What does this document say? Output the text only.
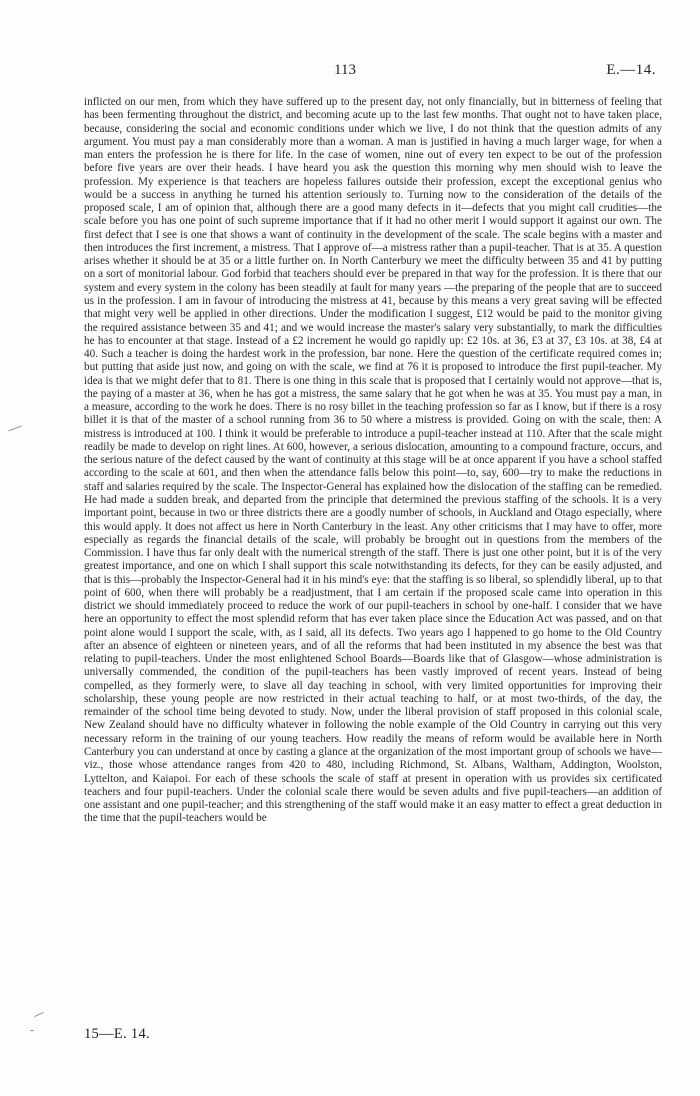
113	E.—14.

inflicted on our men, from which they have suffered up to the present day, not only financially, but in bitterness of feeling that has been fermenting throughout the district, and becoming acute up to the last few months. That ought not to have taken place, because, considering the social and economic conditions under which we live, I do not think that the question admits of any argument. You must pay a man considerably more than a woman. A man is justified in having a much larger wage, for when a man enters the profession he is there for life. In the case of women, nine out of every ten expect to be out of the profession before five years are over their heads. I have heard you ask the question this morning why men should wish to leave the profession. My experience is that teachers are hopeless failures outside their profession, except the exceptional genius who would be a success in anything he turned his attention seriously to. Turning now to the consideration of the details of the proposed scale, I am of opinion that, although there are a good many defects in it—defects that you might call crudities—the scale before you has one point of such supreme importance that if it had no other merit I would support it against our own. The first defect that I see is one that shows a want of continuity in the development of the scale. The scale begins with a master and then introduces the first increment, a mistress. That I approve of—a mistress rather than a pupil-teacher. That is at 35. A question arises whether it should be at 35 or a little further on. In North Canterbury we meet the difficulty between 35 and 41 by putting on a sort of monitorial labour. God forbid that teachers should ever be prepared in that way for the profession. It is there that our system and every system in the colony has been steadily at fault for many years —the preparing of the people that are to succeed us in the profession. I am in favour of introducing the mistress at 41, because by this means a very great saving will be effected that might very well be applied in other directions. Under the modification I suggest, £12 would be paid to the monitor giving the required assistance between 35 and 41; and we would increase the master's salary very substantially, to mark the difficulties he has to encounter at that stage. Instead of a £2 increment he would go rapidly up: £2 10s. at 36, £3 at 37, £3 10s. at 38, £4 at 40. Such a teacher is doing the hardest work in the profession, bar none. Here the question of the certificate required comes in; but putting that aside just now, and going on with the scale, we find at 76 it is proposed to introduce the first pupil-teacher. My idea is that we might defer that to 81. There is one thing in this scale that is proposed that I certainly would not approve—that is, the paying of a master at 36, when he has got a mistress, the same salary that he got when he was at 35. You must pay a man, in a measure, according to the work he does. There is no rosy billet in the teaching profession so far as I know, but if there is a rosy billet it is that of the master of a school running from 36 to 50 where a mistress is provided. Going on with the scale, then: A mistress is introduced at 100. I think it would be preferable to introduce a pupil-teacher instead at 110. After that the scale might readily be made to develop on right lines. At 600, however, a serious dislocation, amounting to a compound fracture, occurs, and the serious nature of the defect caused by the want of continuity at this stage will be at once apparent if you have a school staffed according to the scale at 601, and then when the attendance falls below this point—to, say, 600—try to make the reductions in staff and salaries required by the scale. The Inspector-General has explained how the dislocation of the staffing can be remedied. He had made a sudden break, and departed from the principle that determined the previous staffing of the schools. It is a very important point, because in two or three districts there are a goodly number of schools, in Auckland and Otago especially, where this would apply. It does not affect us here in North Canterbury in the least. Any other criticisms that I may have to offer, more especially as regards the financial details of the scale, will probably be brought out in questions from the members of the Commission. I have thus far only dealt with the numerical strength of the staff. There is just one other point, but it is of the very greatest importance, and one on which I shall support this scale notwithstanding its defects, for they can be easily adjusted, and that is this—probably the Inspector-General had it in his mind's eye: that the staffing is so liberal, so splendidly liberal, up to that point of 600, when there will probably be a readjustment, that I am certain if the proposed scale came into operation in this district we should immediately proceed to reduce the work of our pupil-teachers in school by one-half. I consider that we have here an opportunity to effect the most splendid reform that has ever taken place since the Education Act was passed, and on that point alone would I support the scale, with, as I said, all its defects. Two years ago I happened to go home to the Old Country after an absence of eighteen or nineteen years, and of all the reforms that had been instituted in my absence the best was that relating to pupil-teachers. Under the most enlightened School Boards—Boards like that of Glasgow—whose administration is universally commended, the condition of the pupil-teachers has been vastly improved of recent years. Instead of being compelled, as they formerly were, to slave all day teaching in school, with very limited opportunities for improving their scholarship, these young people are now restricted in their actual teaching to half, or at most two-thirds, of the day, the remainder of the school time being devoted to study. Now, under the liberal provision of staff proposed in this colonial scale, New Zealand should have no difficulty whatever in following the noble example of the Old Country in carrying out this very necessary reform in the training of our young teachers. How readily the means of reform would be available here in North Canterbury you can understand at once by casting a glance at the organization of the most important group of schools we have—viz., those whose attendance ranges from 420 to 480, including Richmond, St. Albans, Waltham, Addington, Woolston, Lyttelton, and Kaiapoi. For each of these schools the scale of staff at present in operation with us provides six certificated teachers and four pupil-teachers. Under the colonial scale there would be seven adults and five pupil-teachers—an addition of one assistant and one pupil-teacher; and this strengthening of the staff would make it an easy matter to effect a great deduction in the time that the pupil-teachers would be

15—E. 14.
